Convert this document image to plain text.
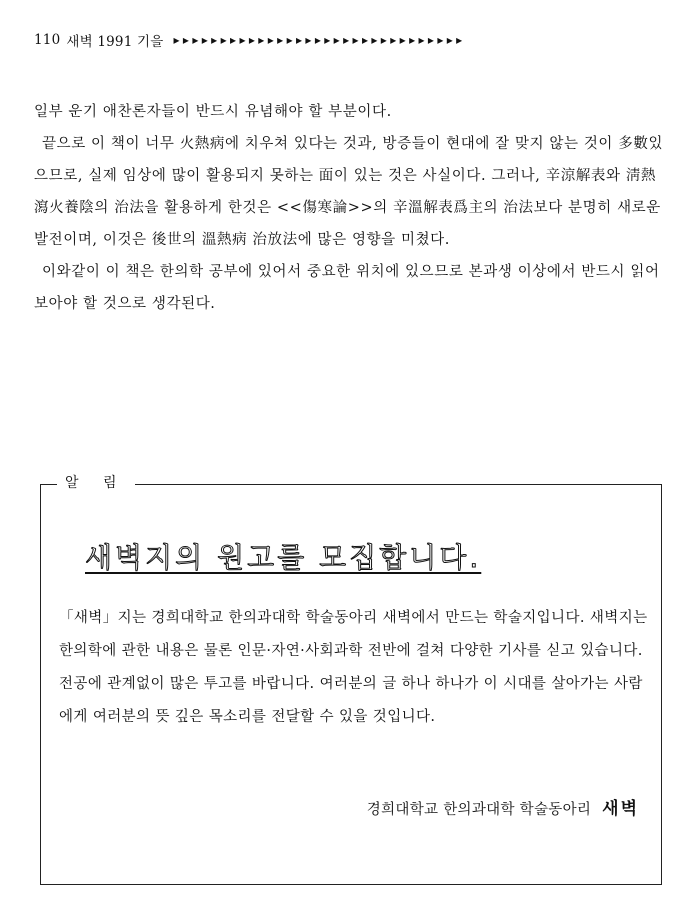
110 새벽 1991 기을 ▸▸▸▸▸▸▸▸▸▸▸▸▸▸▸▸▸▸▸▸▸▸▸▸▸▸▸▸▸▸▸

일부 운기 애찬론자들이 반드시 유념해야 할 부분이다.

끝으로 이 책이 너무 火熱病에 치우쳐 있다는 것과, 방증들이 현대에 잘 맞지 않는 것이 多數있으므로, 실제 임상에 많이 활용되지 못하는 面이 있는 것은 사실이다. 그러나, 辛涼解表와 淸熱瀉火養陰의 治法을 활용하게 한것은 <<傷寒論>>의 辛溫解表爲主의 治法보다 분명히 새로운 발전이며, 이것은 後世의 溫熱病 治放法에 많은 영향을 미쳤다.

이와같이 이 책은 한의학 공부에 있어서 중요한 위치에 있으므로 본과생 이상에서 반드시 읽어보아야 할 것으로 생각된다.

알 림
새벽지의 원고를 모집합니다.

「새벽」지는 경희대학교 한의과대학 학술동아리 새벽에서 만드는 학술지입니다. 새벽지는 한의학에 관한 내용은 물론 인문·자연·사회과학 전반에 걸쳐 다양한 기사를 싣고 있습니다. 전공에 관계없이 많은 투고를 바랍니다. 여러분의 글 하나 하나가 이 시대를 살아가는 사람에게 여러분의 뜻 깊은 목소리를 전달할 수 있을 것입니다.

경희대학교 한의과대학 학술동아리 새벽
